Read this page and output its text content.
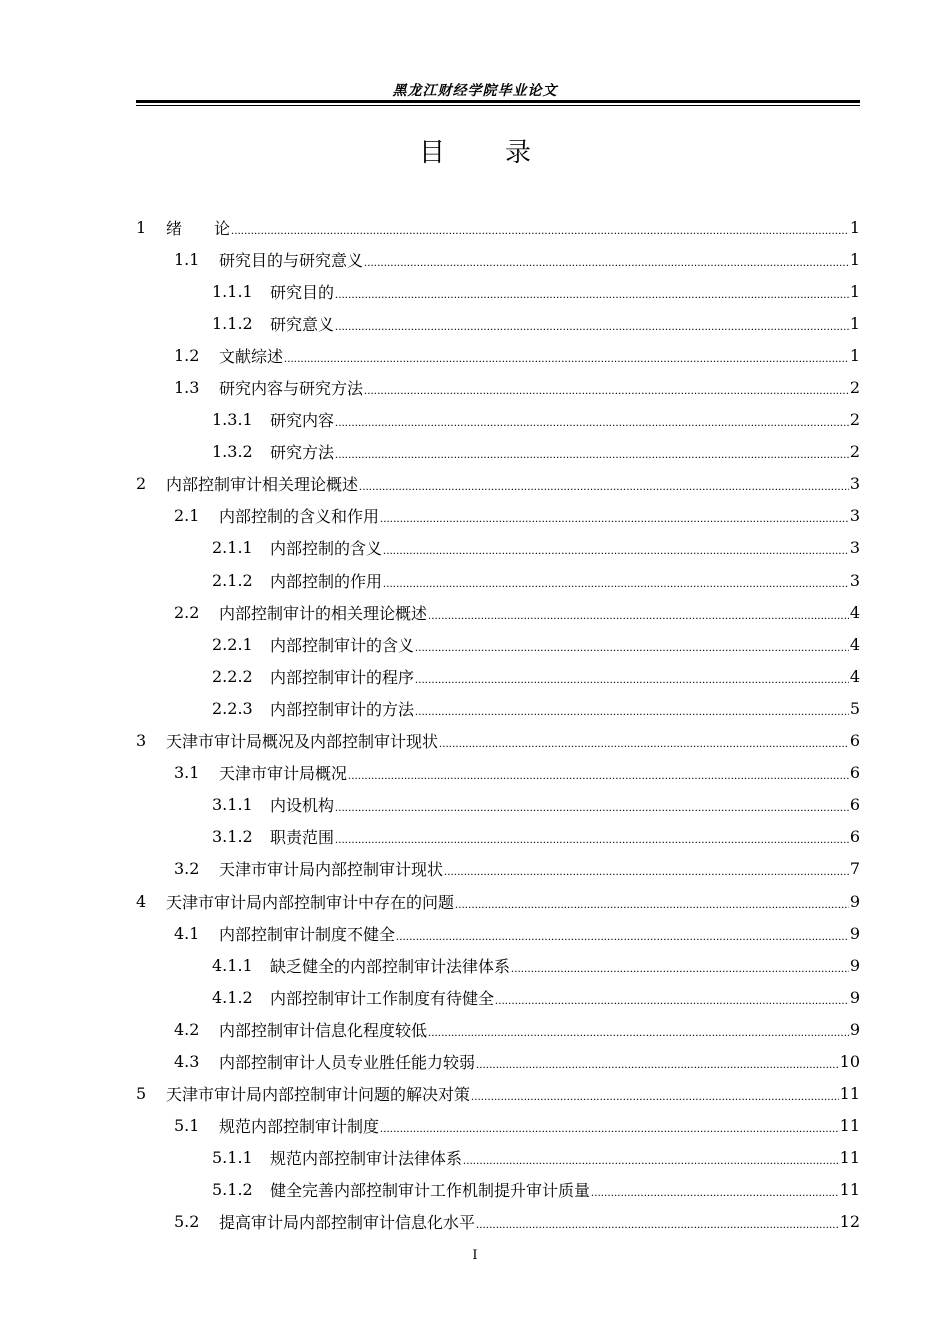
黑龙江财经学院毕业论文
目 录
1	绪　　论 .....	1
1.1	研究目的与研究意义 .....	1
1.1.1	研究目的 .....	1
1.1.2	研究意义 .....	1
1.2	文献综述 .....	1
1.3	研究内容与研究方法 .....	2
1.3.1	研究内容 .....	2
1.3.2	研究方法 .....	2
2	内部控制审计相关理论概述 .....	3
2.1	内部控制的含义和作用 .....	3
2.1.1	内部控制的含义 .....	3
2.1.2	内部控制的作用 .....	3
2.2	内部控制审计的相关理论概述 .....	4
2.2.1	内部控制审计的含义 .....	4
2.2.2	内部控制审计的程序 .....	4
2.2.3	内部控制审计的方法 .....	5
3	天津市审计局概况及内部控制审计现状 .....	6
3.1	天津市审计局概况 .....	6
3.1.1	内设机构 .....	6
3.1.2	职责范围 .....	6
3.2	天津市审计局内部控制审计现状 .....	7
4	天津市审计局内部控制审计中存在的问题 .....	9
4.1	内部控制审计制度不健全 .....	9
4.1.1	缺乏健全的内部控制审计法律体系 .....	9
4.1.2	内部控制审计工作制度有待健全 .....	9
4.2	内部控制审计信息化程度较低 .....	9
4.3	内部控制审计人员专业胜任能力较弱 .....	10
5	天津市审计局内部控制审计问题的解决对策 .....	11
5.1	规范内部控制审计制度 .....	11
5.1.1	规范内部控制审计法律体系 .....	11
5.1.2	健全完善内部控制审计工作机制提升审计质量 .....	11
5.2	提高审计局内部控制审计信息化水平 .....	12
I
